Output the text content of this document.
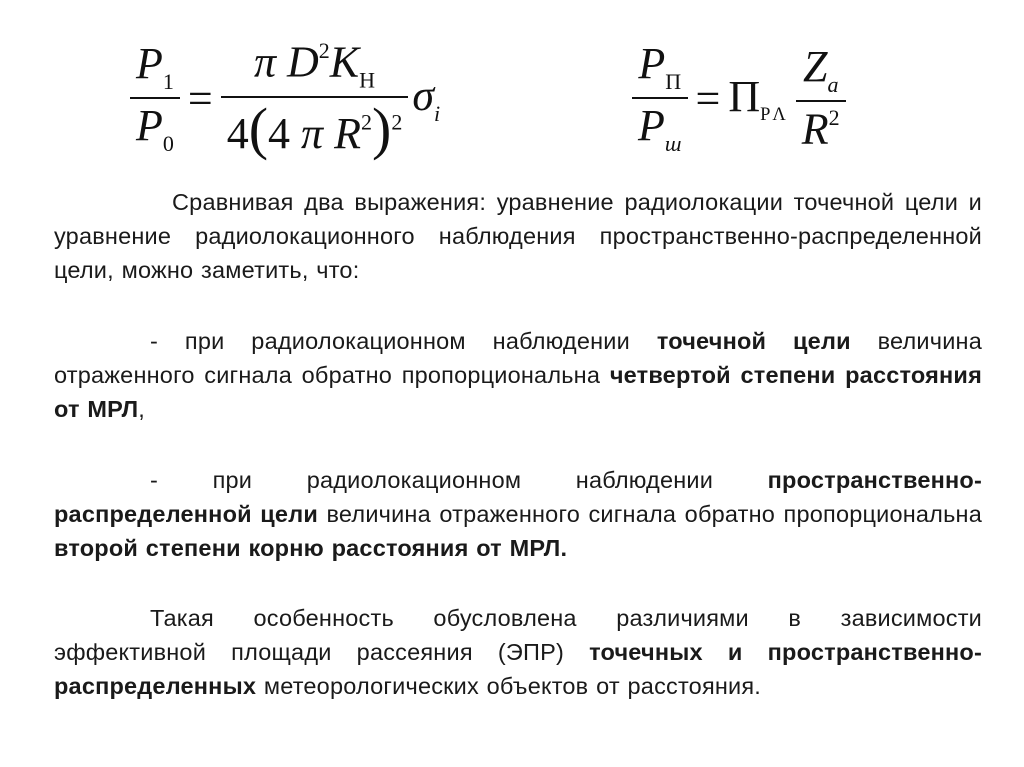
$\frac{P_1}{P_0} = \frac{\pi D^2K_Н}{4(4 \pi R^2)^2} \sigma_i$	$\frac{P_П}{P_ш} = \Pi_{Р\Lambda} \frac{Z_a}{R^2}$
Сравнивая два выражения: уравнение радиолокации точечной цели и уравнение радиолокационного наблюдения пространственно-распределенной цели, можно заметить, что:
- при радиолокационном наблюдении точечной цели величина отраженного сигнала обратно пропорциональна четвертой степени расстояния от МРЛ,
- при радиолокационном наблюдении пространственно-распределенной цели величина отраженного сигнала обратно пропорциональна второй степени корню расстояния от МРЛ.
Такая особенность обусловлена различиями в зависимости эффективной площади рассеяния (ЭПР) точечных и пространственно-распределенных метеорологических объектов от расстояния.
